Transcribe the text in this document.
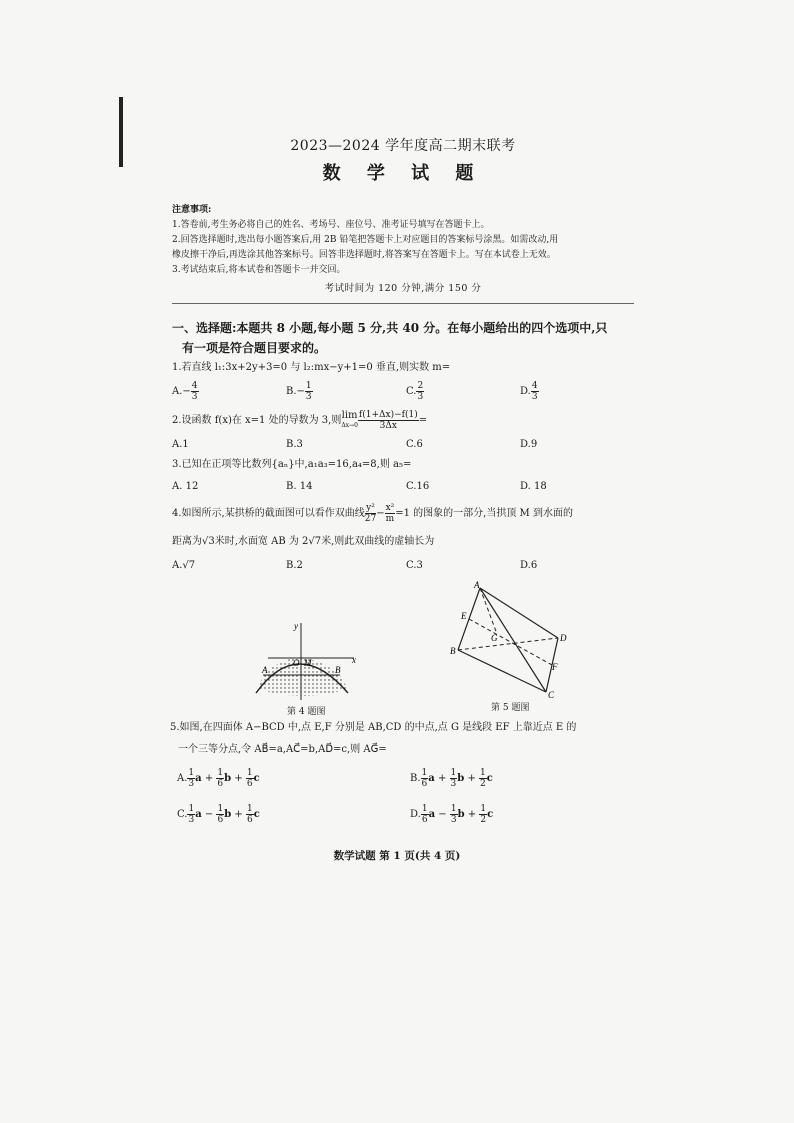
2023—2024 学年度高二期末联考
数 学 试 题
注意事项:
1.答卷前,考生务必将自己的姓名、考场号、座位号、准考证号填写在答题卡上。
2.回答选择题时,选出每小题答案后,用 2B 铅笔把答题卡上对应题目的答案标号涂黑。如需改动,用
橡皮擦干净后,再选涂其他答案标号。回答非选择题时,将答案写在答题卡上。写在本试卷上无效。
3.考试结束后,将本试卷和答题卡一并交回。
考试时间为 120 分钟,满分 150 分
一、选择题:本题共 8 小题,每小题 5 分,共 40 分。在每小题给出的四个选项中,只
有一项是符合题目要求的。
1.若直线 l₁:3x+2y+3=0 与 l₂:mx−y+1=0 垂直,则实数 m=
$A.- \frac{4}{3}$	$B.- \frac{1}{3}$	C. $\frac{2}{3}$	D. $\frac{4}{3}$
2.设函数 f(x)在 x=1 处的导数为 3,则 lim
$\Delta x\to 0 \frac{f(1+\Delta x)-f(1)}{3\Delta x}$ =
A.1	B.3	C.6	D.9
3.已知在正项等比数列{aₙ}中,a₁a₃=16,a₄=8,则 a₅=
A. 12	B. 14	C.16	D. 18
4.如图所示,某拱桥的截面图可以看作双曲线 $\frac{\text{y²}}{27} - \frac{\text{x²}}{m} =1$ 的图象的一部分,当拱顶 M 到水面的
距离为√3米时,水面宽 AB 为 2√7米,则此双曲线的虚轴长为
A.√7	B.2	C.3	D.6
y
x
O M
A	B
第 4 题图
A
B
C
D
E
F
G
第 5 题图
5.如图,在四面体 A−BCD 中,点 E,F 分别是 AB,CD 的中点,点 G 是线段 EF 上靠近点 E 的
一个三等分点,令 AB⃗=a,AC⃗=b,AD⃗=c,则 AG⃗=
A. $\frac{1}{3}$ $a + \frac{1}{6}$ $b + \frac{1}{6}$ c	B. $\frac{1}{6}$ $a + \frac{1}{3}$ $b + \frac{1}{2}$ c
C. $\frac{1}{3}$ $a - \frac{1}{6}$ $b + \frac{1}{6}$ c	D. $\frac{1}{6}$ $a - \frac{1}{3}$ $b + \frac{1}{2}$ c
数学试题 第 1 页(共 4 页)
